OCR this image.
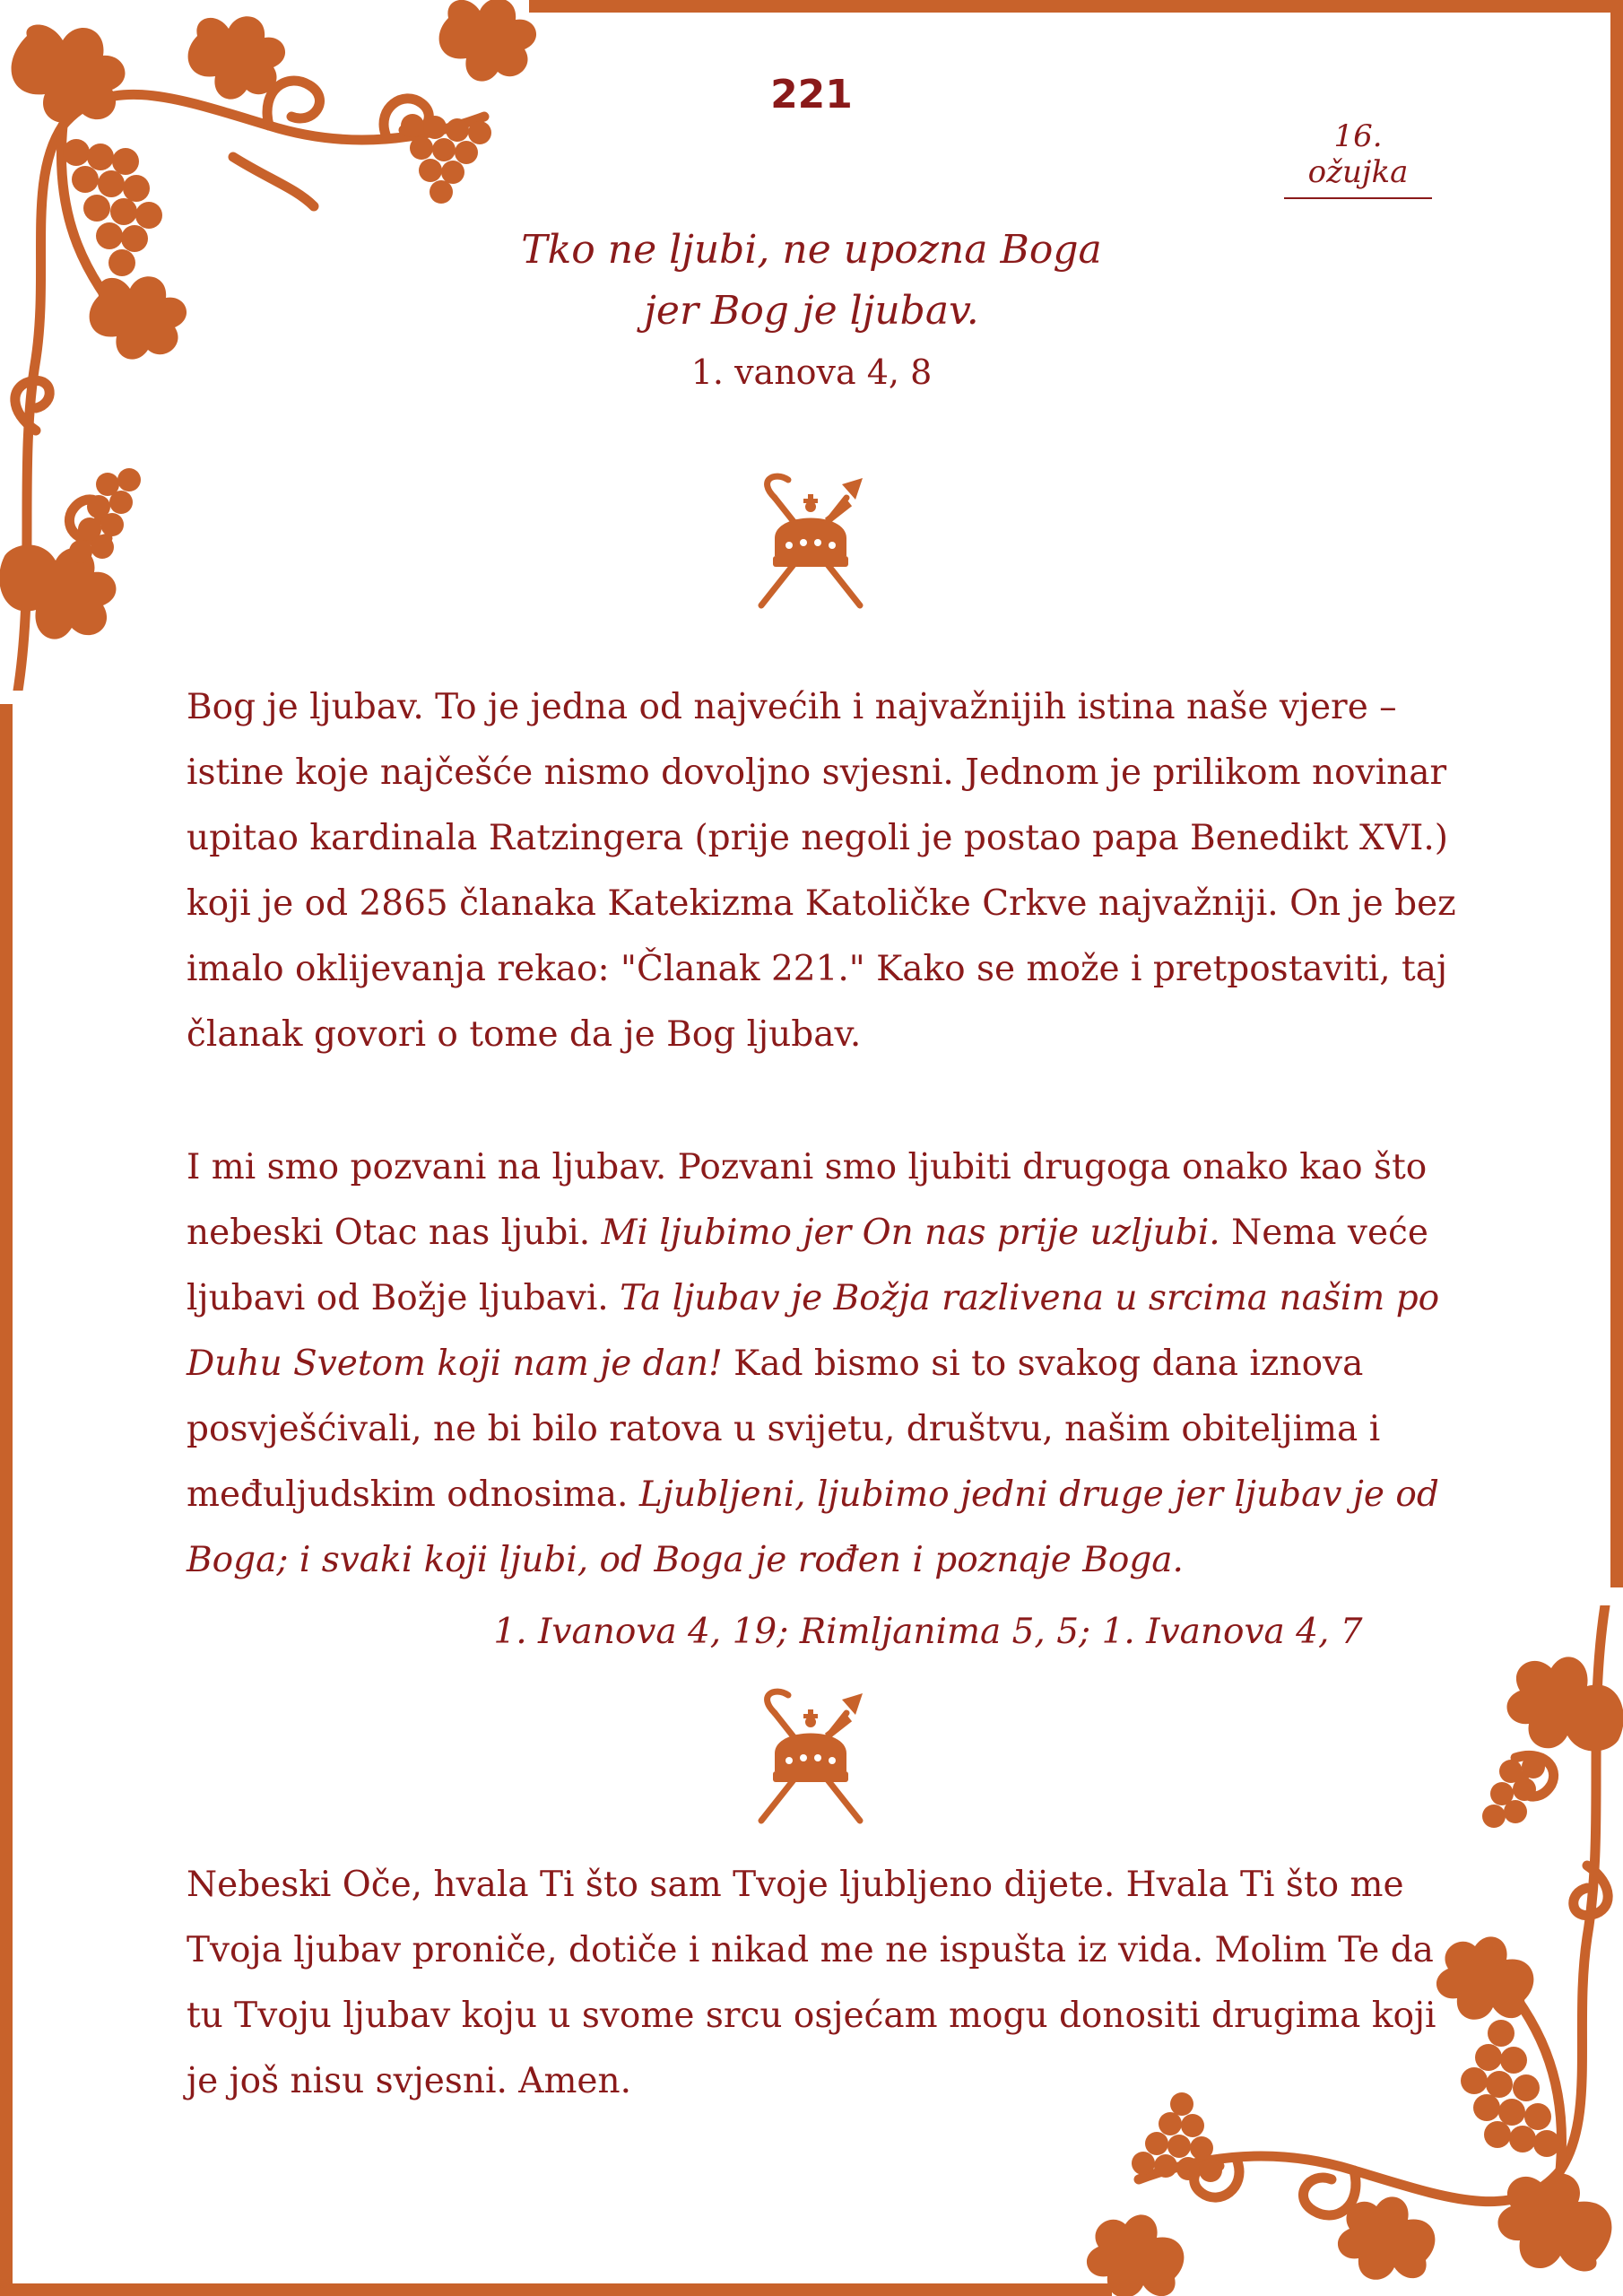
221
16. ožujka
Tko ne ljubi, ne upozna Boga
jer Bog je ljubav.
1. vanova 4, 8

Bog je ljubav. To je jedna od najvećih i najvažnijih istina naše vjere – istine koje najčešće nismo dovoljno svjesni. Jednom je prilikom novinar upitao kardinala Ratzingera (prije negoli je postao papa Benedikt XVI.) koji je od 2865 članaka Katekizma Katoličke Crkve najvažniji. On je bez imalo oklijevanja rekao: "Članak 221." Kako se može i pretpostaviti, taj članak govori o tome da je Bog ljubav.

I mi smo pozvani na ljubav. Pozvani smo ljubiti drugoga onako kao što nebeski Otac nas ljubi. Mi ljubimo jer On nas prije uzljubi. Nema veće ljubavi od Božje ljubavi. Ta ljubav je Božja razlivena u srcima našim po Duhu Svetom koji nam je dan! Kad bismo si to svakog dana iznova posvješćivali, ne bi bilo ratova u svijetu, društvu, našim obiteljima i međuljudskim odnosima. Ljubljeni, ljubimo jedni druge jer ljubav je od Boga; i svaki koji ljubi, od Boga je rođen i poznaje Boga.

1. Ivanova 4, 19; Rimljanima 5, 5; 1. Ivanova 4, 7

Nebeski Oče, hvala Ti što sam Tvoje ljubljeno dijete. Hvala Ti što me Tvoja ljubav proniče, dotiče i nikad me ne ispušta iz vida. Molim Te da tu Tvoju ljubav koju u svome srcu osjećam mogu donositi drugima koji je još nisu svjesni. Amen.
